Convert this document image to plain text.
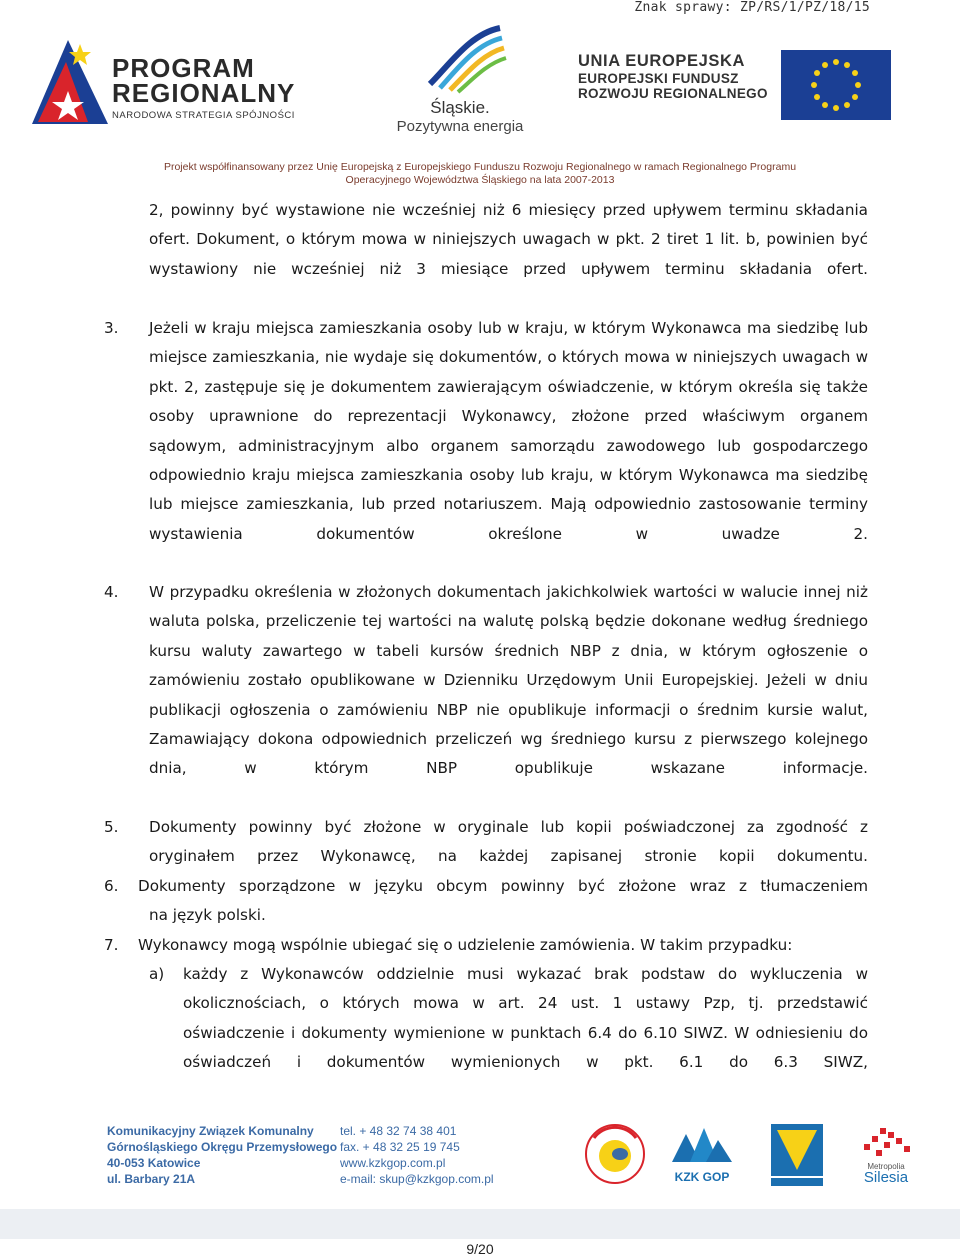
Znak sprawy: ZP/RS/1/PZ/18/15
PROGRAM
REGIONALNY
NARODOWA STRATEGIA SPÓJNOŚCI	Śląskie.
Pozytywna energia
UNIA EUROPEJSKA
EUROPEJSKI FUNDUSZ
ROZWOJU REGIONALNEGO
Projekt współfinansowany przez Unię Europejską z Europejskiego Funduszu Rozwoju Regionalnego w ramach Regionalnego Programu
Operacyjnego Województwa Śląskiego na lata 2007-2013
2, powinny być wystawione nie wcześniej niż 6 miesięcy przed upływem terminu składania ofert. Dokument, o którym mowa w niniejszych uwagach w pkt. 2 tiret 1 lit. b, powinien być wystawiony nie wcześniej niż 3 miesiące przed upływem terminu składania ofert.
3. Jeżeli w kraju miejsca zamieszkania osoby lub w kraju, w którym Wykonawca ma siedzibę lub miejsce zamieszkania, nie wydaje się dokumentów, o których mowa w niniejszych uwagach w pkt. 2, zastępuje się je dokumentem zawierającym oświadczenie, w którym określa się także osoby uprawnione do reprezentacji Wykonawcy, złożone przed właściwym organem sądowym, administracyjnym albo organem samorządu zawodowego lub gospodarczego odpowiednio kraju miejsca zamieszkania osoby lub kraju, w którym Wykonawca ma siedzibę lub miejsce zamieszkania, lub przed notariuszem. Mają odpowiednio zastosowanie terminy wystawienia dokumentów określone w uwadze 2.
4. W przypadku określenia w złożonych dokumentach jakichkolwiek wartości w walucie innej niż waluta polska, przeliczenie tej wartości na walutę polską będzie dokonane według średniego kursu waluty zawartego w tabeli kursów średnich NBP z dnia, w którym ogłoszenie o zamówieniu zostało opublikowane w Dzienniku Urzędowym Unii Europejskiej. Jeżeli w dniu publikacji ogłoszenia o zamówieniu NBP nie opublikuje informacji o średnim kursie walut, Zamawiający dokona odpowiednich przeliczeń wg średniego kursu z pierwszego kolejnego dnia, w którym NBP opublikuje wskazane informacje.
5. Dokumenty powinny być złożone w oryginale lub kopii poświadczonej za zgodność z oryginałem przez Wykonawcę, na każdej zapisanej stronie kopii dokumentu.
6. Dokumenty sporządzone w języku obcym powinny być złożone wraz z tłumaczeniem
na język polski.
7. Wykonawcy mogą wspólnie ubiegać się o udzielenie zamówienia. W takim przypadku:
a) każdy z Wykonawców oddzielnie musi wykazać brak podstaw do wykluczenia w okolicznościach, o których mowa w art. 24 ust. 1 ustawy Pzp, tj. przedstawić oświadczenie i dokumenty wymienione w punktach 6.4 do 6.10 SIWZ. W odniesieniu do oświadczeń i dokumentów wymienionych w pkt. 6.1 do 6.3 SIWZ,
Komunikacyjny Związek Komunalny
Górnośląskiego Okręgu Przemysłowego
40-053 Katowice
ul. Barbary 21A
tel. + 48 32 74 38 401
fax. + 48 32 25 19 745
www.kzkgop.com.pl
e-mail: skup@kzkgop.com.pl	KZK GOP
Metropolia
Silesia
9/20
